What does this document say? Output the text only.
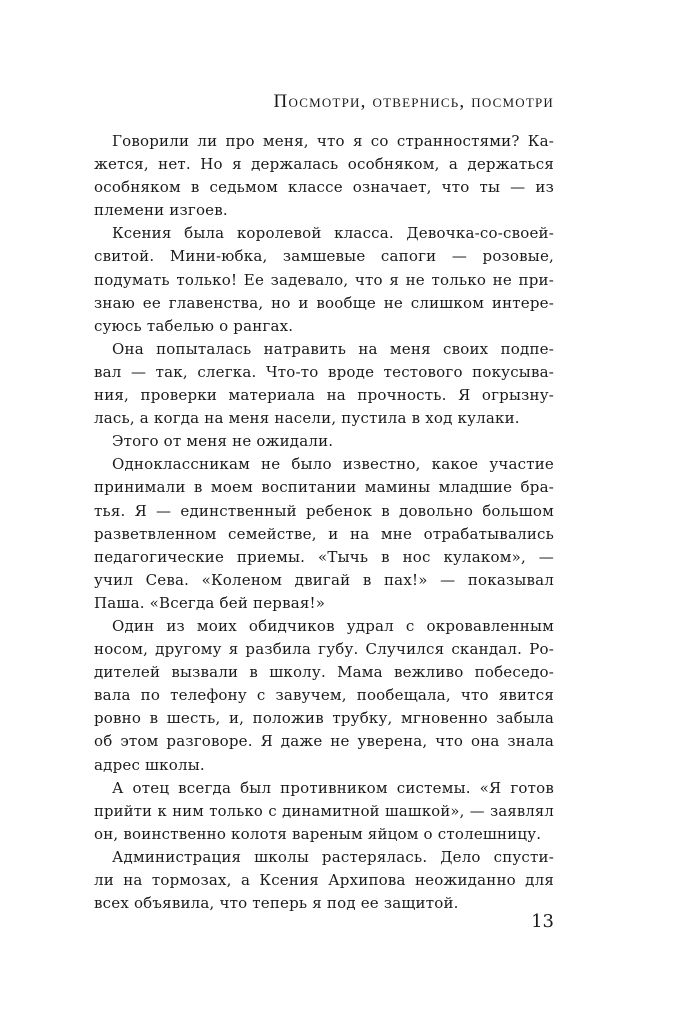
Посмотри, отвернись, посмотри
Говорили ли про меня, что я со странностями? Ка-
жется, нет. Но я держалась особняком, а держаться
особняком в седьмом классе означает, что ты — из
племени изгоев.
Ксения была королевой класса. Девочка-со-своей-
свитой. Мини-юбка, замшевые сапоги — розовые,
подумать только! Ее задевало, что я не только не при-
знаю ее главенства, но и вообще не слишком интере-
суюсь табелью о рангах.
Она попыталась натравить на меня своих подпе-
вал — так, слегка. Что-то вроде тестового покусыва-
ния, проверки материала на прочность. Я огрызну-
лась, а когда на меня насели, пустила в ход кулаки.
Этого от меня не ожидали.
Одноклассникам не было известно, какое участие
принимали в моем воспитании мамины младшие бра-
тья. Я — единственный ребенок в довольно большом
разветвленном семействе, и на мне отрабатывались
педагогические приемы. «Тычь в нос кулаком», —
учил Сева. «Коленом двигай в пах!» — показывал
Паша. «Всегда бей первая!»
Один из моих обидчиков удрал с окровавленным
носом, другому я разбила губу. Случился скандал. Ро-
дителей вызвали в школу. Мама вежливо побеседо-
вала по телефону с завучем, пообещала, что явится
ровно в шесть, и, положив трубку, мгновенно забыла
об этом разговоре. Я даже не уверена, что она знала
адрес школы.
А отец всегда был противником системы. «Я готов
прийти к ним только с динамитной шашкой», — заявлял
он, воинственно колотя вареным яйцом о столешницу.
Администрация школы растерялась. Дело спусти-
ли на тормозах, а Ксения Архипова неожиданно для
всех объявила, что теперь я под ее защитой.
13
